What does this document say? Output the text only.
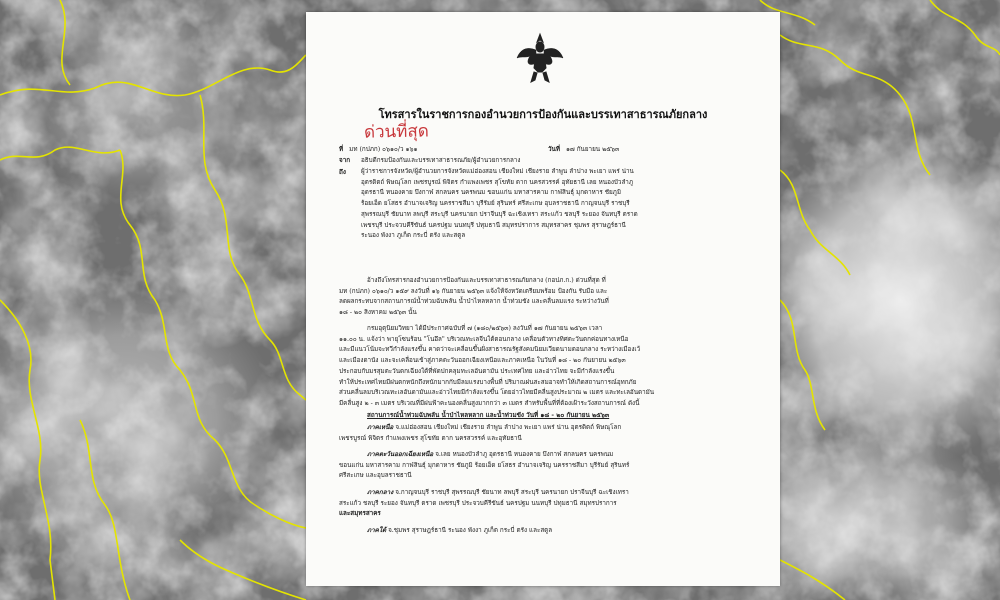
โทรสารในราชการกองอำนวยการป้องกันและบรรเทาสาธารณภัยกลาง
ด่วนที่สุด
ที่ มท (กปภก) ๐๖๑๐/ว ๑๖๑	วันที่ ๑๗ กันยายน ๒๕๖๓
จาก อธิบดีกรมป้องกันและบรรเทาสาธารณภัย/ผู้อำนวยการกลาง
ถึง ผู้ว่าราชการจังหวัด/ผู้อำนวยการจังหวัดแม่ฮ่องสอน เชียงใหม่ เชียงราย ลำพูน ลำปาง พะเยา แพร่ น่าน
อุตรดิตถ์ พิษณุโลก เพชรบูรณ์ พิจิตร กำแพงเพชร สุโขทัย ตาก นครสวรรค์ อุทัยธานี เลย หนองบัวลำภู
อุดรธานี หนองคาย บึงกาฬ สกลนคร นครพนม ขอนแก่น มหาสารคาม กาฬสินธุ์ มุกดาหาร ชัยภูมิ
ร้อยเอ็ด ยโสธร อำนาจเจริญ นครราชสีมา บุรีรัมย์ สุรินทร์ ศรีสะเกษ อุบลราชธานี กาญจนบุรี ราชบุรี
สุพรรณบุรี ชัยนาท ลพบุรี สระบุรี นครนายก ปราจีนบุรี ฉะเชิงเทรา สระแก้ว ชลบุรี ระยอง จันทบุรี ตราด
เพชรบุรี ประจวบคีรีขันธ์ นครปฐม นนทบุรี ปทุมธานี สมุทรปราการ สมุทรสาคร ชุมพร สุราษฎร์ธานี
ระนอง พังงา ภูเก็ต กระบี่ ตรัง และสตูล
อ้างถึงโทรสารกองอำนวยการป้องกันและบรรเทาสาธารณภัยกลาง (กอปภ.ก.) ด่วนที่สุด ที่
มท (กปภก) ๐๖๑๐/ว ๑๕๙ ลงวันที่ ๑๖ กันยายน ๒๕๖๓ แจ้งให้จังหวัดเตรียมพร้อม ป้องกัน รับมือ และ
ลดผลกระทบจากสถานการณ์น้ำท่วมฉับพลัน น้ำป่าไหลหลาก น้ำท่วมขัง และคลื่นลมแรง ระหว่างวันที่
๑๘ - ๒๐ สิงหาคม ๒๕๖๓ นั้น
กรมอุตุนิยมวิทยา ได้มีประกาศฉบับที่ ๗ (๑๘๐/๒๕๖๓) ลงวันที่ ๑๗ กันยายน ๒๕๖๓ เวลา
๑๑.๐๐ น. แจ้งว่า พายุโซนร้อน "โนอึล" บริเวณทะเลจีนใต้ตอนกลาง เคลื่อนตัวทางทิศตะวันตกค่อนทางเหนือ
และมีแนวโน้มจะทวีกำลังแรงขึ้น คาดว่าจะเคลื่อนขึ้นฝั่งสาธารณรัฐสังคมนิยมเวียดนามตอนกลาง ระหว่างเมืองเว้
และเมืองดานัง และจะเคลื่อนเข้าสู่ภาคตะวันออกเฉียงเหนือและภาคเหนือ ในวันที่ ๑๘ - ๒๐ กันยายน ๒๕๖๓
ประกอบกับมรสุมตะวันตกเฉียงใต้ที่พัดปกคลุมทะเลอันดามัน ประเทศไทย และอ่าวไทย จะมีกำลังแรงขึ้น
ทำให้ประเทศไทยมีฝนตกหนักถึงหนักมากกับมีลมแรงบางพื้นที่ ปริมาณฝนสะสมอาจทำให้เกิดสถานการณ์อุทกภัย
ส่วนคลื่นลมบริเวณทะเลอันดามันและอ่าวไทยมีกำลังแรงขึ้น โดยอ่าวไทยมีคลื่นสูงประมาณ ๒ เมตร และทะเลอันดามัน
มีคลื่นสูง ๒ - ๓ เมตร บริเวณที่มีฝนฟ้าคะนองคลื่นสูงมากกว่า ๓ เมตร สำหรับพื้นที่ที่ต้องเฝ้าระวังสถานการณ์ ดังนี้
สถานการณ์น้ำท่วมฉับพลัน น้ำป่าไหลหลาก และน้ำท่วมขัง วันที่ ๑๘ - ๒๐ กันยายน ๒๕๖๓
ภาคเหนือ จ.แม่ฮ่องสอน เชียงใหม่ เชียงราย ลำพูน ลำปาง พะเยา แพร่ น่าน อุตรดิตถ์ พิษณุโลก
เพชรบูรณ์ พิจิตร กำแพงเพชร สุโขทัย ตาก นครสวรรค์ และอุทัยธานี
ภาคตะวันออกเฉียงเหนือ จ.เลย หนองบัวลำภู อุดรธานี หนองคาย บึงกาฬ สกลนคร นครพนม
ขอนแก่น มหาสารคาม กาฬสินธุ์ มุกดาหาร ชัยภูมิ ร้อยเอ็ด ยโสธร อำนาจเจริญ นครราชสีมา บุรีรัมย์ สุรินทร์
ศรีสะเกษ และอุบลราชธานี
ภาคกลาง จ.กาญจนบุรี ราชบุรี สุพรรณบุรี ชัยนาท ลพบุรี สระบุรี นครนายก ปราจีนบุรี ฉะเชิงเทรา
สระแก้ว ชลบุรี ระยอง จันทบุรี ตราด เพชรบุรี ประจวบคีรีขันธ์ นครปฐม นนทบุรี ปทุมธานี สมุทรปราการ
และสมุทรสาคร
ภาคใต้ จ.ชุมพร สุราษฎร์ธานี ระนอง พังงา ภูเก็ต กระบี่ ตรัง และสตูล
